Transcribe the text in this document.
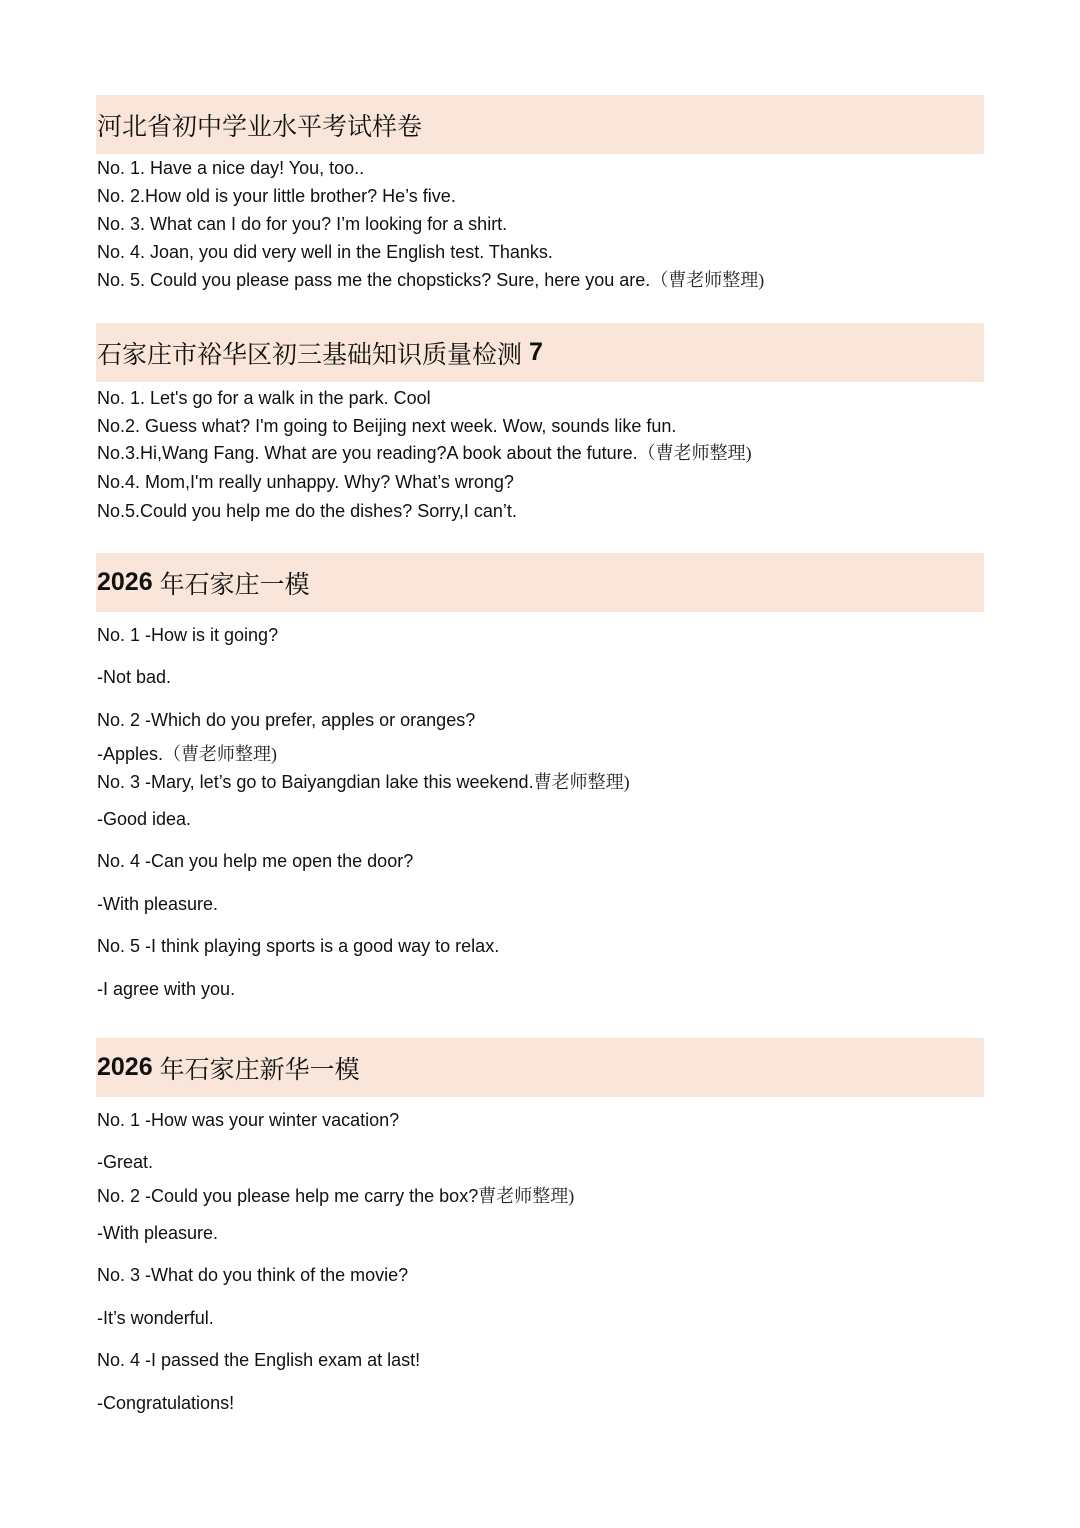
河北省初中学业水平考试样卷
No. 1. Have a nice day! You, too..
No. 2.How old is your little brother? He’s five.
No. 3. What can I do for you? I’m looking for a shirt.
No. 4. Joan, you did very well in the English test. Thanks.
No. 5. Could you please pass me the chopsticks? Sure, here you are.（曹老师整理)
石家庄市裕华区初三基础知识质量检测
7
No. 1. Let's go for a walk in the park. Cool
No.2. Guess what? I'm going to Beijing next week. Wow, sounds like fun.
No.3.Hi,Wang Fang. What are you reading?A book about the future.（曹老师整理)
No.4. Mom,I'm really unhappy. Why? What’s wrong?
No.5.Could you help me do the dishes? Sorry,I can’t.
2026
年石家庄一模
No. 1 -How is it going?
-Not bad.
No. 2 -Which do you prefer, apples or oranges?
-Apples.（曹老师整理)
No. 3 -Mary, let’s go to Baiyangdian lake this weekend.曹老师整理)
-Good idea.
No. 4 -Can you help me open the door?
-With pleasure.
No. 5 -I think playing sports is a good way to relax.
-I agree with you.
2026
年石家庄新华一模
No. 1 -How was your winter vacation?
-Great.
No. 2 -Could you please help me carry the box?曹老师整理)
-With pleasure.
No. 3 -What do you think of the movie?
-It’s wonderful.
No. 4 -I passed the English exam at last!
-Congratulations!
